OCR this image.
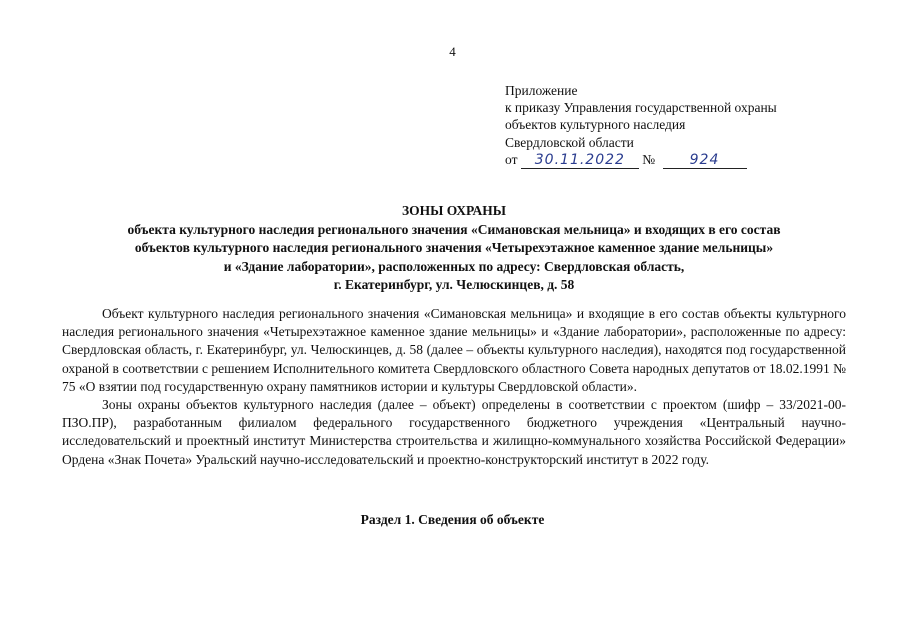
4
Приложение
к приказу Управления государственной охраны
объектов культурного наследия
Свердловской области
от 30.11.2022 № 924
ЗОНЫ ОХРАНЫ
объекта культурного наследия регионального значения «Симановская мельница» и входящих в его состав
объектов культурного наследия регионального значения «Четырехэтажное каменное здание мельницы»
и «Здание лаборатории», расположенных по адресу: Свердловская область,
г. Екатеринбург, ул. Челюскинцев, д. 58

Объект культурного наследия регионального значения «Симановская мельница» и входящие в его состав объекты культурного наследия регионального значения «Четырехэтажное каменное здание мельницы» и «Здание лаборатории», расположенные по адресу: Свердловская область, г. Екатеринбург, ул. Челюскинцев, д. 58 (далее – объекты культурного наследия), находятся под государственной охраной в соответствии с решением Исполнительного комитета Свердловского областного Совета народных депутатов от 18.02.1991 № 75 «О взятии под государственную охрану памятников истории и культуры Свердловской области».

Зоны охраны объектов культурного наследия (далее – объект) определены в соответствии с проектом (шифр – 33/2021-00-ПЗО.ПР), разработанным филиалом федерального государственного бюджетного учреждения «Центральный научно-исследовательский и проектный институт Министерства строительства и жилищно-коммунального хозяйства Российской Федерации» Ордена «Знак Почета» Уральский научно-исследовательский и проектно-конструкторский институт в 2022 году.

Раздел 1. Сведения об объекте
